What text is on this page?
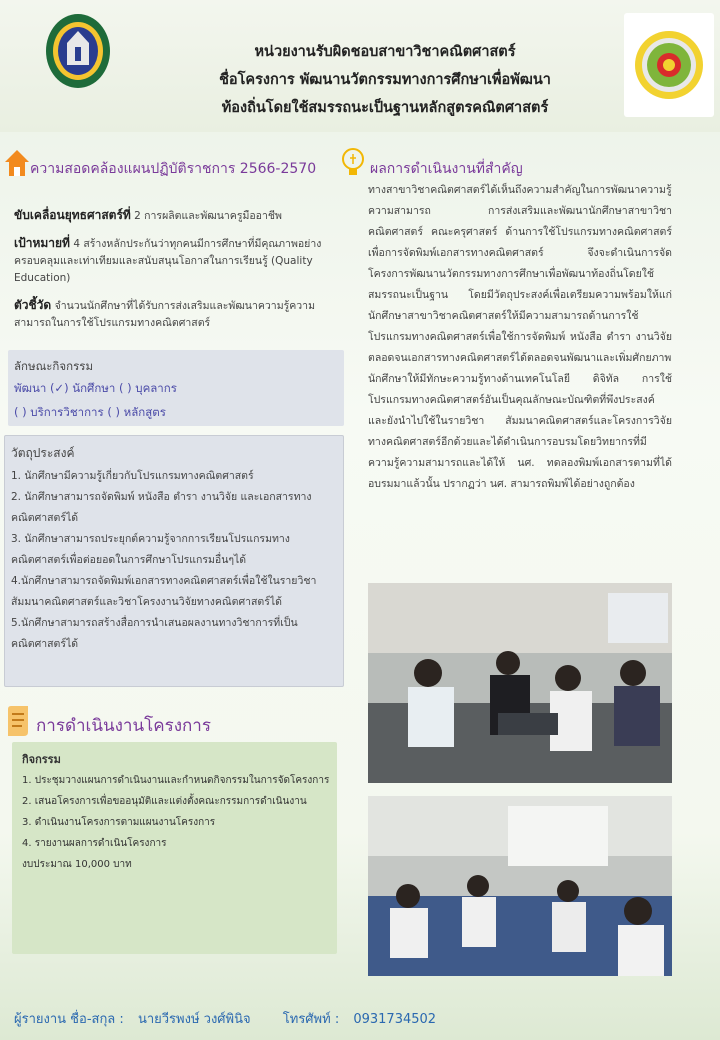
หน่วยงานรับผิดชอบสาขาวิชาคณิตศาสตร์
ชื่อโครงการ พัฒนานวัตกรรมทางการศึกษาเพื่อพัฒนา
ท้องถิ่นโดยใช้สมรรถนะเป็นฐานหลักสูตรคณิตศาสตร์
ความสอดคล้องแผนปฏิบัติราชการ 2566-2570

ขับเคลื่อนยุทธศาสตร์ที่ 2 การผลิตและพัฒนาครูมืออาชีพ

เป้าหมายที่ 4 สร้างหลักประกันว่าทุกคนมีการศึกษาที่มีคุณภาพอย่างครอบคลุมและเท่าเทียมและสนับสนุนโอกาสในการเรียนรู้ (Quality Education)

ตัวชี้วัด จำนวนนักศึกษาที่ได้รับการส่งเสริมและพัฒนาความรู้ความสามารถในการใช้โปรแกรมทางคณิตศาสตร์

ลักษณะกิจกรรม
พัฒนา (✓) นักศึกษา ( ) บุคลากร
( ) บริการวิชาการ ( ) หลักสูตร
วัตถุประสงค์
1. นักศึกษามีความรู้เกี่ยวกับโปรแกรมทางคณิตศาสตร์
2. นักศึกษาสามารถจัดพิมพ์ หนังสือ ตำรา งานวิจัย และเอกสารทางคณิตศาสตร์ได้
3. นักศึกษาสามารถประยุกต์ความรู้จากการเรียนโปรแกรมทางคณิตศาสตร์เพื่อต่อยอดในการศึกษาโปรแกรมอื่นๆได้
4.นักศึกษาสามารถจัดพิมพ์เอกสารทางคณิตศาสตร์เพื่อใช้ในรายวิชา สัมมนาคณิตศาสตร์และวิชาโครงงานวิจัยทางคณิตศาสตร์ได้
5.นักศึกษาสามารถสร้างสื่อการนำเสนอผลงานทางวิชาการที่เป็นคณิตศาสตร์ได้
การดำเนินงานโครงการ
กิจกรรม
1. ประชุมวางแผนการดำเนินงานและกำหนดกิจกรรมในการจัดโครงการ
2. เสนอโครงการเพื่อขออนุมัติและแต่งตั้งคณะกรรมการดำเนินงาน
3. ดำเนินงานโครงการตามแผนงานโครงการ
4. รายงานผลการดำเนินโครงการ
งบประมาณ 10,000 บาท
ผลการดำเนินงานที่สำคัญ
ทางสาขาวิชาคณิตศาสตร์ได้เห็นถึงความสำคัญในการพัฒนาความรู้ความสามารถ การส่งเสริมและพัฒนานักศึกษาสาขาวิชาคณิตศาสตร์ คณะครุศาสตร์ ด้านการใช้โปรแกรมทางคณิตศาสตร์เพื่อการจัดพิมพ์เอกสารทางคณิตศาสตร์ จึงจะดำเนินการจัดโครงการพัฒนานวัตกรรมทางการศึกษาเพื่อพัฒนาท้องถิ่นโดยใช้สมรรถนะเป็นฐาน โดยมีวัตถุประสงค์เพื่อเตรียมความพร้อมให้แก่นักศึกษาสาขาวิชาคณิตศาสตร์ให้มีความสามารถด้านการใช้โปรแกรมทางคณิตศาสตร์เพื่อใช้การจัดพิมพ์ หนังสือ ตำรา งานวิจัย ตลอดจนเอกสารทางคณิตศาสตร์ได้ตลอดจนพัฒนาและเพิ่มศักยภาพนักศึกษาให้มีทักษะความรู้ทางด้านเทคโนโลยี ดิจิทัล การใช้โปรแกรมทางคณิตศาสตร์อันเป็นคุณลักษณะบัณฑิตที่พึงประสงค์และยังนำไปใช้ในรายวิชา สัมมนาคณิตศาสตร์และโครงการวิจัยทางคณิตศาสตร์อีกด้วยและได้ดำเนินการอบรมโดยวิทยากรที่มีความรู้ความสามารถและได้ให้ นศ. ทดลองพิมพ์เอกสารตามที่ได้อบรมมาแล้วนั้น ปรากฏว่า นศ. สามารถพิมพ์ได้อย่างถูกต้อง
ผู้รายงาน ชื่อ-สกุล : นายวีรพงษ์ วงศ์พินิจ โทรศัพท์ : 0931734502
